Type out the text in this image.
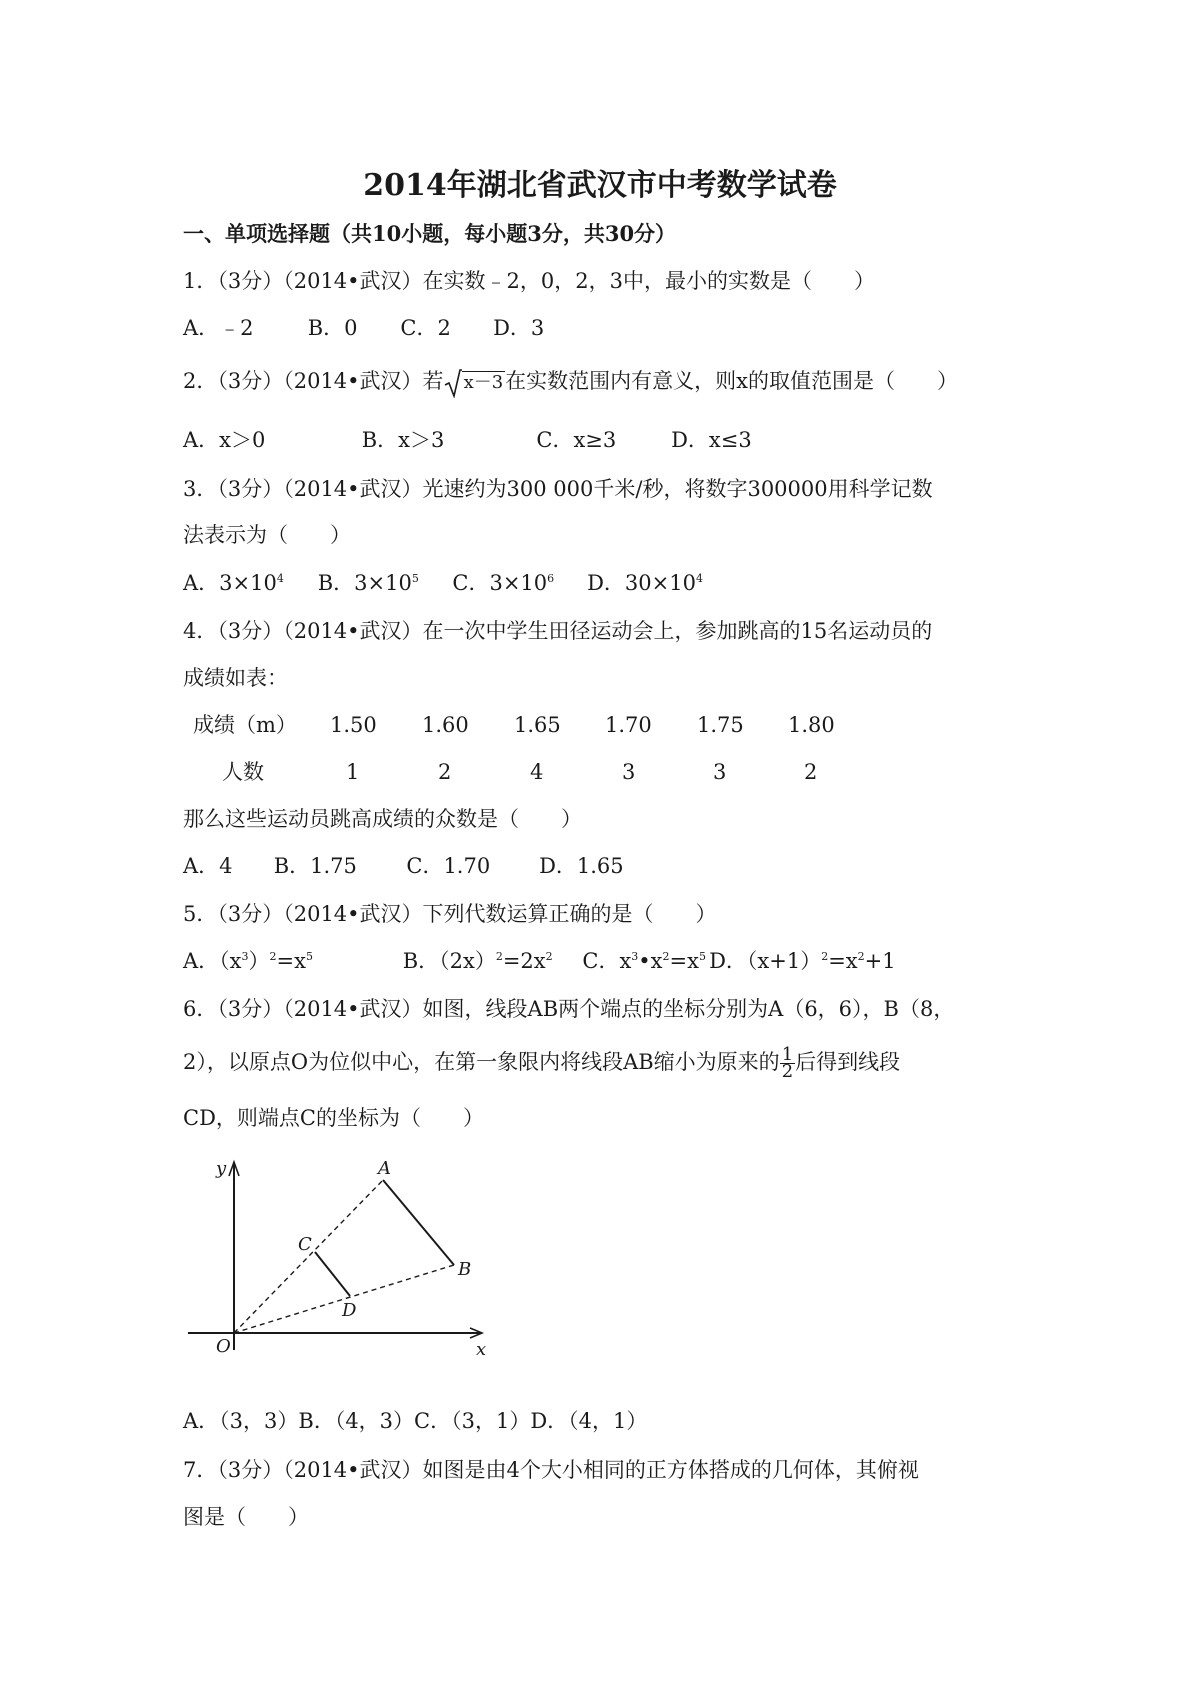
2014年湖北省武汉市中考数学试卷
一、单项选择题（共10小题，每小题3分，共30分）
1．（3分）（2014•武汉）在实数﹣2，0，2，3中，最小的实数是（　　）
A．﹣2	B．0 C．2 D．3
2．（3分）（2014•武汉）若 x－3在实数范围内有意义，则x的取值范围是（　　）
A．x＞0	B．x＞3	C．x≥3	D．x≤3
3．（3分）（2014•武汉）光速约为300 000千米/秒，将数字300000用科学记数
法表示为（　　）
A．$3\times 10^4$ B．$3\times 10^5$ C．$3\times 10^6$ D．$30\times 10^4$
4．（3分）（2014•武汉）在一次中学生田径运动会上，参加跳高的15名运动员的
成绩如表：
成绩（m） 1.50 1.60 1.65 1.70 1.75 1.80
人数	1	2	4	3	3	2
那么这些运动员跳高成绩的众数是（　　）
A．4 B．1.75 C．1.70 D．1.65
5．（3分）（2014•武汉）下列代数运算正确的是（　　）
A．$(x^3)^2=x^5$	B．$(2x)^2=2x^2$ C．$x^3•x^2=x^5$ D．$(x+1)^2=x^2+1$
6．（3分）（2014•武汉）如图，线段AB两个端点的坐标分别为A（6，6），B（8，
2），以原点O为位似中心，在第一象限内将线段AB缩小为原来的 $\frac{1}{2}$ 后得到线段
CD，则端点C的坐标为（　　）
y	A
B
C
D
O	x
A．（3，3）B．（4，3）C．（3，1）D．（4，1）
7．（3分）（2014•武汉）如图是由4个大小相同的正方体搭成的几何体，其俯视
图是（　　）
